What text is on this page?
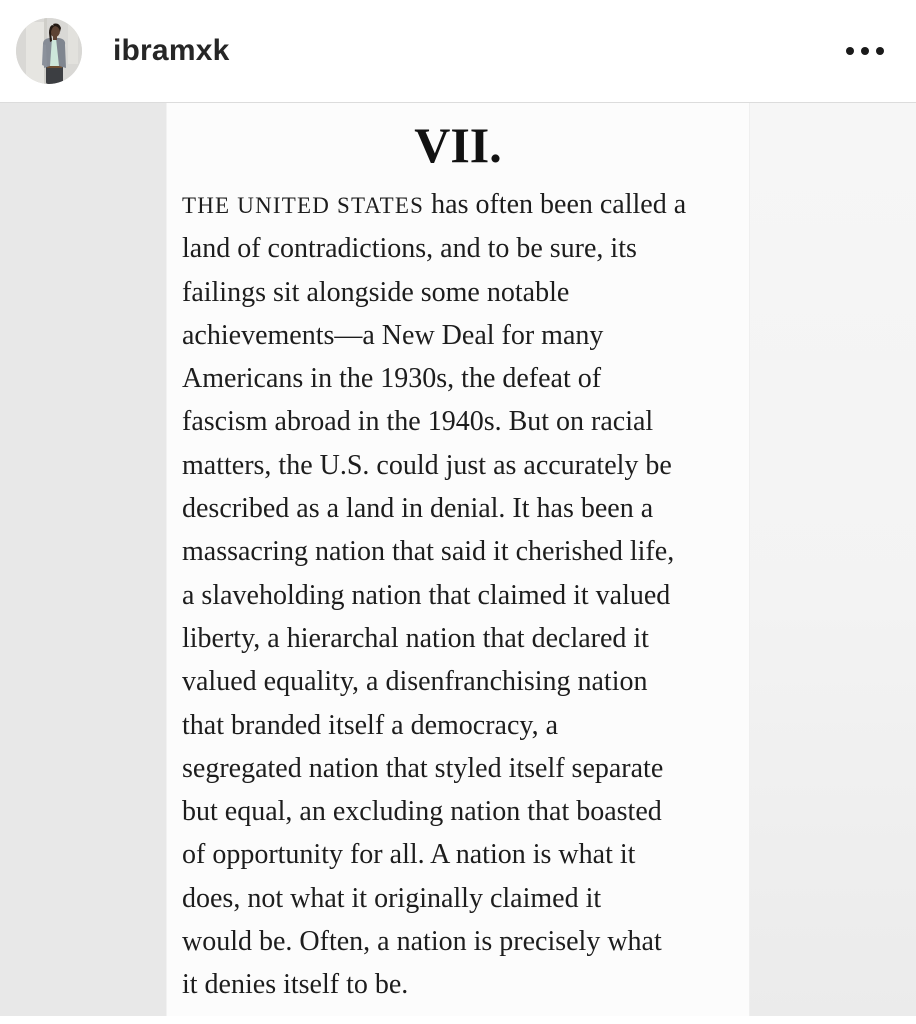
ibramxk
VII.
THE UNITED STATES has often been called a
land of contradictions, and to be sure, its
failings sit alongside some notable
achievements—a New Deal for many
Americans in the 1930s, the defeat of
fascism abroad in the 1940s. But on racial
matters, the U.S. could just as accurately be
described as a land in denial. It has been a
massacring nation that said it cherished life,
a slaveholding nation that claimed it valued
liberty, a hierarchal nation that declared it
valued equality, a disenfranchising nation
that branded itself a democracy, a
segregated nation that styled itself separate
but equal, an excluding nation that boasted
of opportunity for all. A nation is what it
does, not what it originally claimed it
would be. Often, a nation is precisely what
it denies itself to be.
